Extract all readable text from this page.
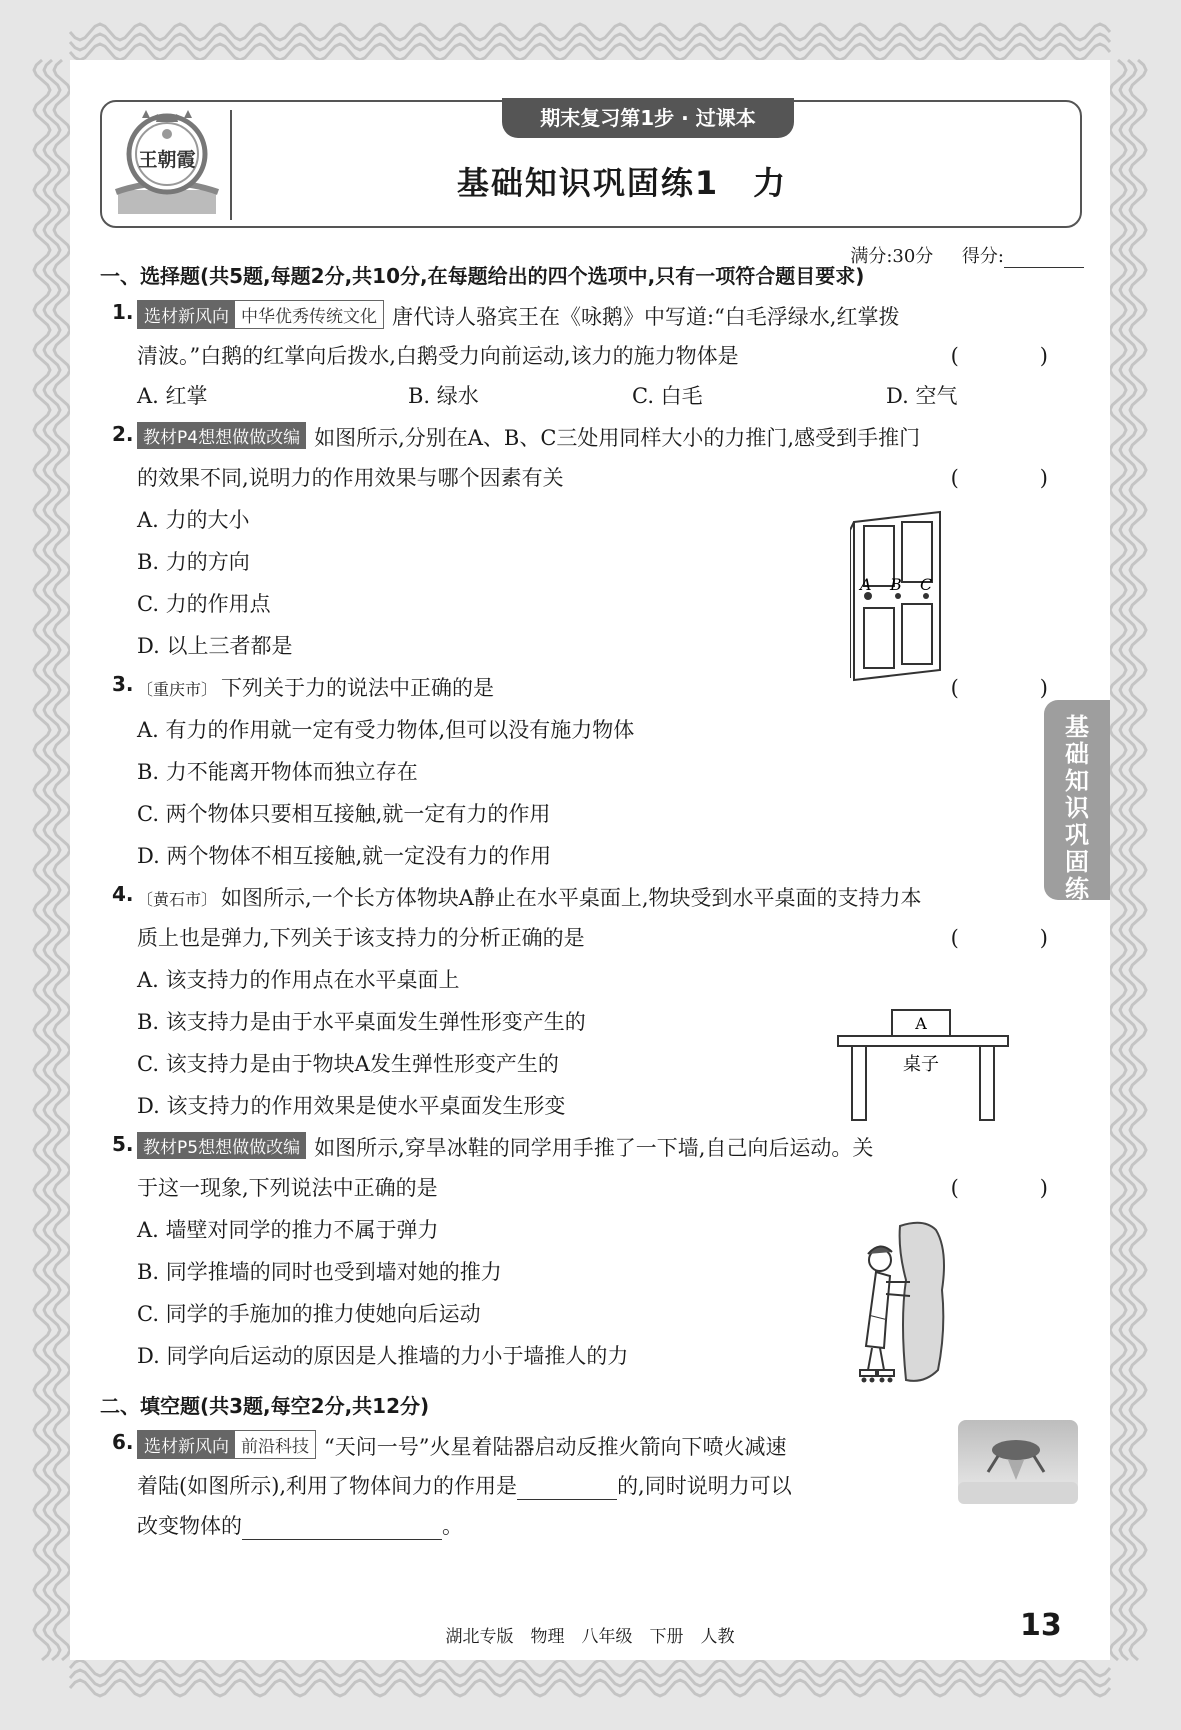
王朝霞
期末复习第1步 · 过课本
基础知识巩固练1　力
满分:30分 得分:
基础知识巩固练
一、选择题(共5题,每题2分,共10分,在每题给出的四个选项中,只有一项符合题目要求)
1. 选材新风向 中华优秀传统文化 唐代诗人骆宾王在《咏鹅》中写道:“白毛浮绿水,红掌拨
清波。”白鹅的红掌向后拨水,白鹅受力向前运动,该力的施力物体是	(　)
A. 红掌	B. 绿水	C. 白毛	D. 空气
2. 教材P4想想做做改编 如图所示,分别在A、B、C三处用同样大小的力推门,感受到手推门
的效果不同,说明力的作用效果与哪个因素有关	(　)
A. 力的大小
B. 力的方向
C. 力的作用点
D. 以上三者都是
A B C
3. 〔重庆市〕 下列关于力的说法中正确的是	(　)
A. 有力的作用就一定有受力物体,但可以没有施力物体
B. 力不能离开物体而独立存在
C. 两个物体只要相互接触,就一定有力的作用
D. 两个物体不相互接触,就一定没有力的作用
4. 〔黄石市〕 如图所示,一个长方体物块A静止在水平桌面上,物块受到水平桌面的支持力本
质上也是弹力,下列关于该支持力的分析正确的是	(　)
A. 该支持力的作用点在水平桌面上
B. 该支持力是由于水平桌面发生弹性形变产生的
C. 该支持力是由于物块A发生弹性形变产生的
D. 该支持力的作用效果是使水平桌面发生形变
A
桌子
5. 教材P5想想做做改编 如图所示,穿旱冰鞋的同学用手推了一下墙,自己向后运动。关
于这一现象,下列说法中正确的是	(　)
A. 墙壁对同学的推力不属于弹力
B. 同学推墙的同时也受到墙对她的推力
C. 同学的手施加的推力使她向后运动
D. 同学向后运动的原因是人推墙的力小于墙推人的力
二、填空题(共3题,每空2分,共12分)
6. 选材新风向 前沿科技 “天问一号”火星着陆器启动反推火箭向下喷火减速
着陆(如图所示),利用了物体间力的作用是	的,同时说明力可以
改变物体的	。
湖北专版　物理　八年级　下册　人教	13
